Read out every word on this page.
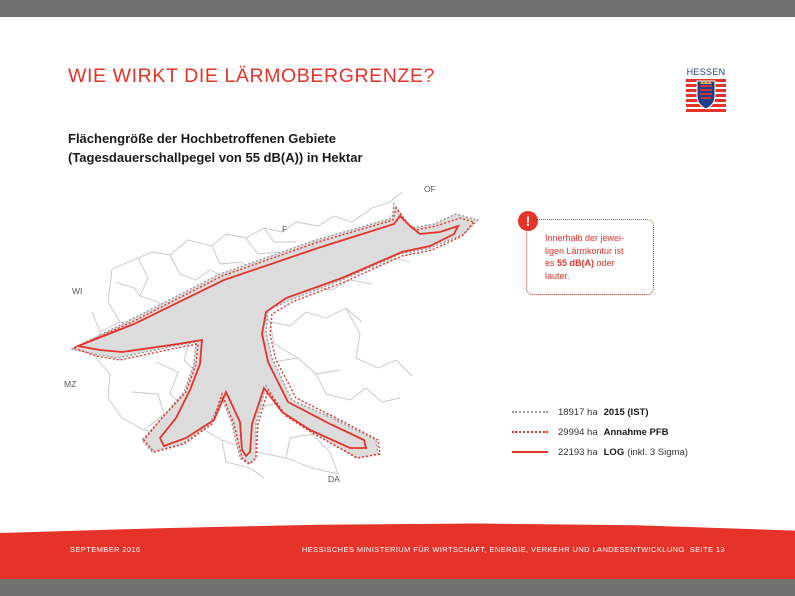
WIE WIRKT DIE LÄRMOBERGRENZE?	HESSEN
Flächengröße der Hochbetroffenen Gebiete
(Tagesdauerschallpegel von 55 dB(A)) in Hektar
OF
F
WI
MZ
DA
!

Innerhalb der jewei-
ligen Lärmkontur ist
es 55 dB(A) oder
lauter.

18917 ha 2015 (IST)
29994 ha Annahme PFB
22193 ha LOG (inkl. 3 Sigma)
SEPTEMBER 2016	HESSISCHES MINISTERIUM FÜR WIRTSCHAFT, ENERGIE, VERKEHR UND LANDESENTWICKLUNG SEITE 13
